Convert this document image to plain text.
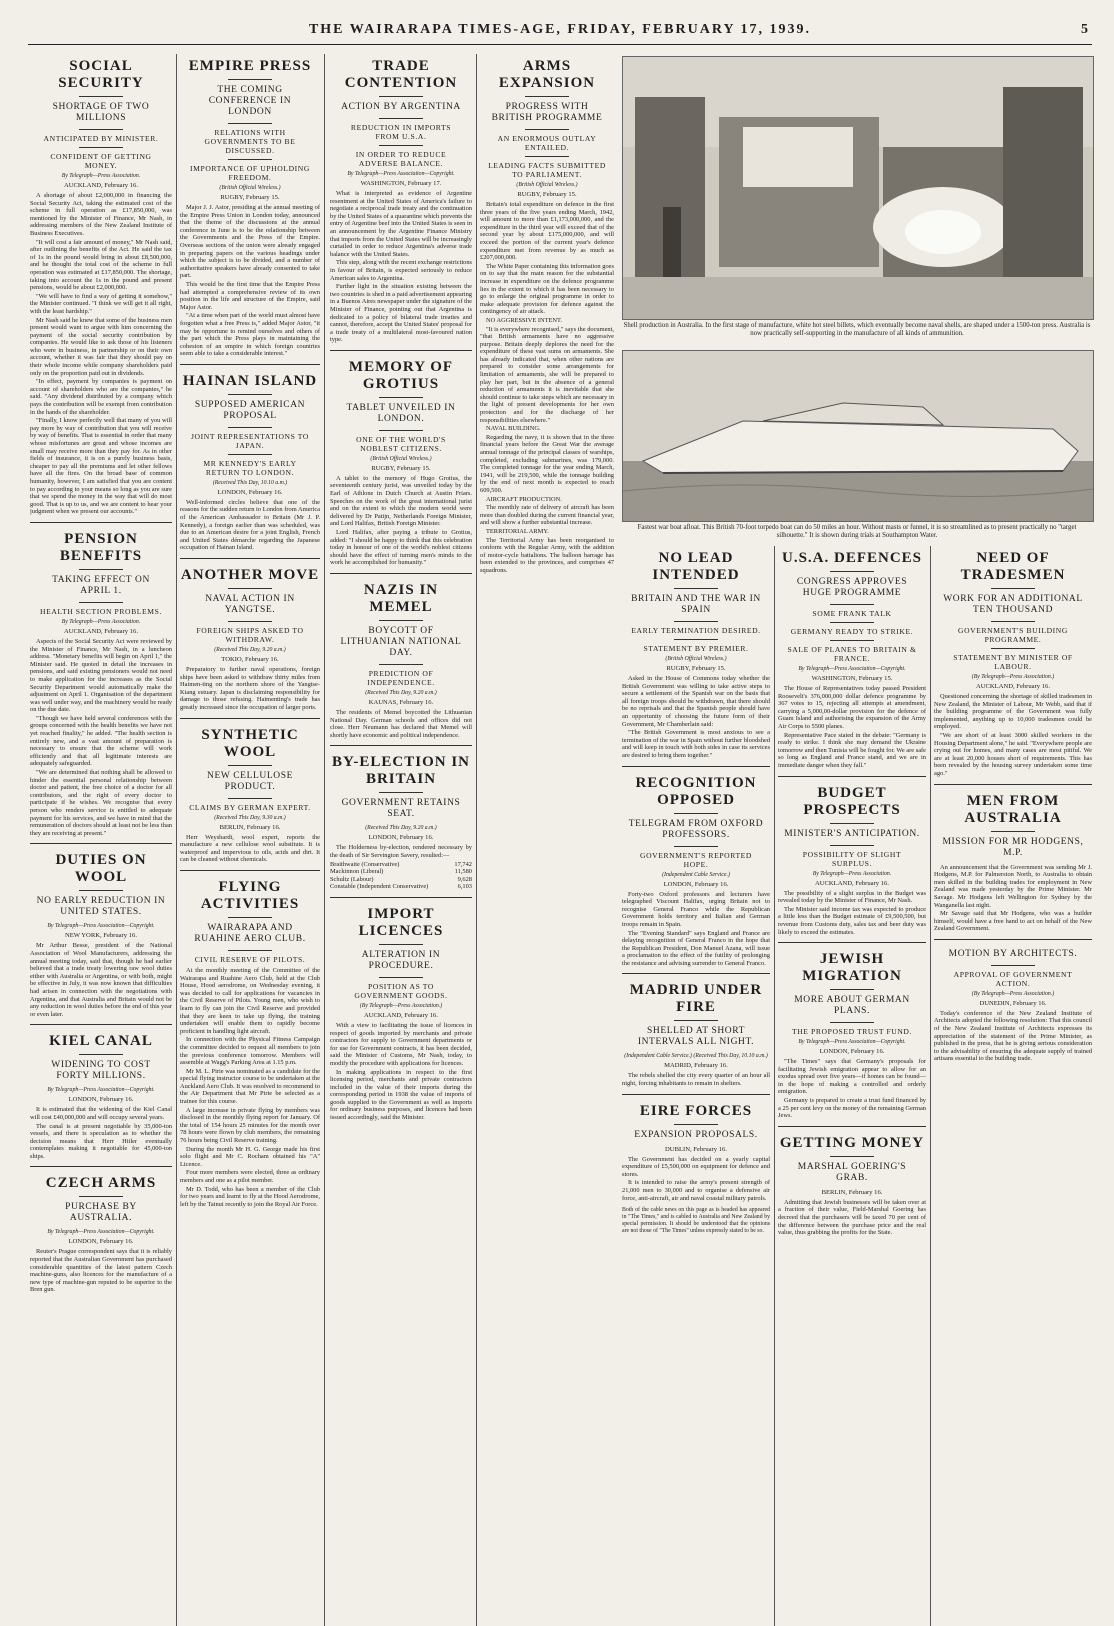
THE WAIRARAPA TIMES-AGE, FRIDAY, FEBRUARY 17, 1939.	5
SOCIAL SECURITY
SHORTAGE OF TWO MILLIONS
ANTICIPATED BY MINISTER.
CONFIDENT OF GETTING MONEY.
By Telegraph—Press Association.
AUCKLAND, February 16.

A shortage of about £2,000,000 in financing the Social Security Act, taking the estimated cost of the scheme in full operation as £17,850,000, was mentioned by the Minister of Finance, Mr Nash, in addressing members of the New Zealand Institute of Business Executives.

"It will cost a fair amount of money," Mr Nash said, after outlining the benefits of the Act. He said the tax of 1s in the pound would bring in about £8,500,000, and he thought the total cost of the scheme in full operation was estimated at £17,850,000. The shortage, taking into account the 1s in the pound and present pensions, would be about £2,000,000.

"We will have to find a way of getting it somehow," the Minister continued. "I think we will get it all right, with the least hardship."

Mr Nash said he knew that some of the business men present would want to argue with him concerning the payment of the social security contribution by companies. He would like to ask those of his listeners who were in business, in partnership or on their own account, whether it was fair that they should pay on their whole income while company shareholders paid only on the proportion paid out in dividends.

"In effect, payment by companies is payment on account of shareholders who are the companies," he said. "Any dividend distributed by a company which pays the contribution will be exempt from contribution in the hands of the shareholder.

"Finally, I know perfectly well that many of you will pay more by way of contribution that you will receive by way of benefits. That is essential in order that many whose misfortunes are great and whose incomes are small may receive more than they pay for. As in other fields of insurance, it is on a purely business basis, cheaper to pay all the premiums and let other fellows have all the fires. On the broad base of common humanity, however, I am satisfied that you are content to pay according to your means so long as you are sure that we spend the money in the way that will do most good. That is up to us, and we are content to hear your judgment when we present our accounts."

PENSION BENEFITS
TAKING EFFECT ON APRIL 1.
HEALTH SECTION PROBLEMS.
By Telegraph—Press Association.
AUCKLAND, February 16.

Aspects of the Social Security Act were reviewed by the Minister of Finance, Mr Nash, in a luncheon address. "Monetary benefits will begin on April 1," the Minister said. He quoted in detail the increases in pensions, and said existing pensioners would not need to make application for the increases as the Social Security Department would automatically make the adjustment on April 1. Organisation of the department was well under way, and the machinery would be ready on the due date.

"Though we have held several conferences with the groups concerned with the health benefits we have not yet reached finality," he added. "The health section is entirely new, and a vast amount of preparation is necessary to ensure that the scheme will work efficiently and that all legitimate interests are adequately safeguarded.

"We are determined that nothing shall be allowed to hinder the essential personal relationship between doctor and patient, the free choice of a doctor for all contributors, and the right of every doctor to participate if he wishes. We recognise that every person who renders service is entitled to adequate payment for his services, and we have in mind that the remuneration of doctors should at least not be less than they are receiving at present."

DUTIES ON WOOL
NO EARLY REDUCTION IN UNITED STATES.
By Telegraph—Press Association—Copyright.
NEW YORK, February 16.

Mr Arthur Besse, president of the National Association of Wool Manufacturers, addressing the annual meeting today, said that, though he had earlier believed that a trade treaty lowering raw wool duties either with Australia or Argentina, or with both, might be effective in July, it was now known that difficulties had arisen in connection with the negotiations with Argentina, and that Australia and Britain would not be any reduction in wool duties before the end of this year or even later.

KIEL CANAL
WIDENING TO COST FORTY MILLIONS.
By Telegraph—Press Association—Copyright.
LONDON, February 16.

It is estimated that the widening of the Kiel Canal will cost £40,000,000 and will occupy several years.

The canal is at present negotiable by 35,000-ton vessels, and there is speculation as to whether the decision means that Herr Hitler eventually contemplates making it negotiable for 45,000-ton ships.

CZECH ARMS
PURCHASE BY AUSTRALIA.
By Telegraph—Press Association—Copyright.
LONDON, February 16.

Reuter's Prague correspondent says that it is reliably reported that the Australian Government has purchased considerable quantities of the latest pattern Czech machine-guns, also licences for the manufacture of a new type of machine-gun reputed to be superior to the Bren gun.

EMPIRE PRESS
THE COMING CONFERENCE IN LONDON
RELATIONS WITH GOVERNMENTS TO BE DISCUSSED.
IMPORTANCE OF UPHOLDING FREEDOM.
(British Official Wireless.)
RUGBY, February 15.

Major J. J. Astor, presiding at the annual meeting of the Empire Press Union in London today, announced that the theme of the discussions at the annual conference in June is to be the relationship between the Governments and the Press of the Empire. Overseas sections of the union were already engaged in preparing papers on the various headings under which the subject is to be divided, and a number of authoritative speakers have already consented to take part.

This would be the first time that the Empire Press had attempted a comprehensive review of its own position in the life and structure of the Empire, said Major Astor.

"At a time when part of the world must almost have forgotten what a free Press is," added Major Astor, "it may be opportune to remind ourselves and others of the part which the Press plays in maintaining the cohesion of an empire in which foreign countries seem able to take a considerable interest."

HAINAN ISLAND
SUPPOSED AMERICAN PROPOSAL
JOINT REPRESENTATIONS TO JAPAN.
MR KENNEDY'S EARLY RETURN TO LONDON.
(Received This Day, 10.10 a.m.)
LONDON, February 16.

Well-informed circles believe that one of the reasons for the sudden return to London from America of the American Ambassador to Britain (Mr J. P. Kennedy), a foreign earlier than was scheduled, was due to an American desire for a joint English, French and United States démarche regarding the Japanese occupation of Hainan Island.

ANOTHER MOVE
NAVAL ACTION IN YANGTSE.
FOREIGN SHIPS ASKED TO WITHDRAW.
(Received This Day, 9.20 a.m.)
TOKIO, February 16.

Preparatory to further naval operations, foreign ships have been asked to withdraw thirty miles from Haimen-ting on the northern shore of the Yangtse-Kiang estuary. Japan is disclaiming responsibility for damage to those refusing. Haimenting's trade has greatly increased since the occupation of larger ports.

SYNTHETIC WOOL
NEW CELLULOSE PRODUCT.
CLAIMS BY GERMAN EXPERT.
(Received This Day, 9.30 a.m.)
BERLIN, February 16.

Herr Weyshardt, wool expert, reports the manufacture a new cellulose wool substitute. It is waterproof and impervious to oils, acids and dirt. It can be cleaned without chemicals.

FLYING ACTIVITIES
WAIRARAPA AND RUAHINE AERO CLUB.
CIVIL RESERVE OF PILOTS.

At the monthly meeting of the Committee of the Wairarapa and Ruahine Aero Club, held at the Club House, Hood aerodrome, on Wednesday evening, it was decided to call for applications for vacancies in the Civil Reserve of Pilots. Young men, who wish to learn to fly can join the Civil Reserve and provided that they are keen to take up flying, the training undertaken will enable them to rapidly become proficient in handling light aircraft.

In connection with the Physical Fitness Campaign the committee decided to request all members to join the previous conference tomorrow. Members will assemble at Wagg's Parking Area at 1.15 p.m.

Mr M. L. Pirie was nominated as a candidate for the special flying instructor course to be undertaken at the Auckland Aero Club. It was resolved to recommend to the Air Department that Mr Pirie be selected as a trainee for this course.

A large increase in private flying by members was disclosed in the monthly flying report for January. Of the total of 154 hours 25 minutes for the month over 78 hours were flown by club members, the remaining 76 hours being Civil Reserve training.

During the month Mr H. G. George made his first solo flight and Mr C. Rocham obtained his "A" Licence.

Four more members were elected, three as ordinary members and one as a pilot member.

Mr D. Todd, who has been a member of the Club for two years and learnt to fly at the Hood Aerodrome, left by the Tainui recently to join the Royal Air Force.

TRADE CONTENTION
ACTION BY ARGENTINA
REDUCTION IN IMPORTS FROM U.S.A.
IN ORDER TO REDUCE ADVERSE BALANCE.
By Telegraph—Press Association—Copyright.
WASHINGTON, February 17.

What is interpreted as evidence of Argentine resentment at the United States of America's failure to negotiate a reciprocal trade treaty and the continuation by the United States of a quarantine which prevents the entry of Argentine beef into the United States is seen in an announcement by the Argentine Finance Ministry that imports from the United States will be increasingly curtailed in order to reduce Argentina's adverse trade balance with the United States.

This step, along with the recent exchange restrictions in favour of Britain, is expected seriously to reduce American sales to Argentina.

Further light in the situation existing between the two countries is shed in a paid advertisement appearing in a Buenos Aires newspaper under the signature of the Minister of Finance, pointing out that Argentina is dedicated to a policy of bilateral trade treaties and cannot, therefore, accept the United States' proposal for a trade treaty of a multilateral most-favoured nation type.

MEMORY OF GROTIUS
TABLET UNVEILED IN LONDON.
ONE OF THE WORLD'S NOBLEST CITIZENS.
(British Official Wireless.)
RUGBY, February 15.

A tablet to the memory of Hugo Grotius, the seventeenth century jurist, was unveiled today by the Earl of Athlone in Dutch Church at Austin Friars. Speeches on the work of the great international jurist and on the extent to which the modern world were delivered by Dr Patijn, Netherlands Foreign Minister, and Lord Halifax, British Foreign Minister.

Lord Halifax, after paying a tribute to Grotius, added: "I should be happy to think that this celebration today in honour of one of the world's noblest citizens should have the effect of turning men's minds to the work he accomplished for humanity."

NAZIS IN MEMEL
BOYCOTT OF LITHUANIAN NATIONAL DAY.
PREDICTION OF INDEPENDENCE.
(Received This Day, 9.20 a.m.)
KAUNAS, February 16.

The residents of Memel boycotted the Lithuanian National Day. German schools and offices did not close. Herr Neumann has declared that Memel will shortly have economic and political independence.

BY-ELECTION IN BRITAIN
GOVERNMENT RETAINS SEAT.
(Received This Day, 9.20 a.m.)
LONDON, February 16.

The Holderness by-election, rendered necessary by the death of Sir Servington Savery, resulted:—

Braithwaite (Conservative)	17,742
Mackinnon (Liberal)	11,580
Schultz (Labour)	9,628
Constable (Independent Conservative)	6,103
IMPORT LICENCES
ALTERATION IN PROCEDURE.
POSITION AS TO GOVERNMENT GOODS.
(By Telegraph—Press Association.)
AUCKLAND, February 16.

With a view to facilitating the issue of licences in respect of goods imported by merchants and private contractors for supply to Government departments or for use for Government contracts, it has been decided, said the Minister of Customs, Mr Nash, today, to modify the procedure with applications for licences.

In making applications in respect to the first licensing period, merchants and private contractors included in the value of their imports during the corresponding period in 1938 the value of imports of goods supplied to the Government as well as imports for ordinary business purposes, and licences had been issued accordingly, said the Minister.

ARMS EXPANSION
PROGRESS WITH BRITISH PROGRAMME
AN ENORMOUS OUTLAY ENTAILED.
LEADING FACTS SUBMITTED TO PARLIAMENT.
(British Official Wireless.)
RUGBY, February 15.

Britain's total expenditure on defence in the first three years of the five years ending March, 1942, will amount to more than £1,173,000,000, and the expenditure in the third year will exceed that of the second year by about £175,000,000, and will exceed the portion of the current year's defence expenditure met from revenue by as much as £207,000,000.

The White Paper containing this information goes on to say that the main reason for the substantial increase in expenditure on the defence programme lies in the extent to which it has been necessary to go to enlarge the original programme in order to make adequate provision for defence against the contingency of air attack.

NO AGGRESSIVE INTENT.

"It is everywhere recognised," says the document, "that British armaments have no aggressive purpose. Britain deeply deplores the need for the expenditure of these vast sums on armaments. She has already indicated that, when other nations are prepared to consider some arrangements for limitation of armaments, she will be prepared to play her part, but in the absence of a general reduction of armaments it is inevitable that she should continue to take steps which are necessary in the light of present developments for her own protection and for the discharge of her responsibilities elsewhere."

NAVAL BUILDING.

Regarding the navy, it is shown that in the three financial years before the Great War the average annual tonnage of the principal classes of warships, completed, excluding submarines, was 179,000. The completed tonnage for the year ending March, 1941, will be 219,500, while the tonnage building by the end of next month is expected to reach 609,500.

AIRCRAFT PRODUCTION.

The monthly rate of delivery of aircraft has been more than doubled during the current financial year, and will show a further substantial increase.

TERRITORIAL ARMY.

The Territorial Army has been reorganised to conform with the Regular Army, with the addition of motor-cycle battalions. The balloon barrage has been extended to the provinces, and comprises 47 squadrons.

Shell production in Australia. In the first stage of manufacture, white hot steel billets, which eventually become naval shells, are shaped under a 1500-ton press. Australia is now practically self-supporting in the manufacture of all kinds of ammunition.
Fastest war boat afloat. This British 70-foot torpedo boat can do 50 miles an hour. Without masts or funnel, it is so streamlined as to present practically no "target silhouette." It is shown during trials at Southampton Water.
NO LEAD INTENDED
BRITAIN AND THE WAR IN SPAIN
EARLY TERMINATION DESIRED.
STATEMENT BY PREMIER.
(British Official Wireless.)
RUGBY, February 15.

Asked in the House of Commons today whether the British Government was willing to take active steps to secure a settlement of the Spanish war on the basis that all foreign troops should be withdrawn, that there should be no reprisals and that the Spanish people should have an opportunity of choosing the future form of their Government, Mr Chamberlain said:

"The British Government is most anxious to see a termination of the war in Spain without further bloodshed and will keep in touch with both sides in case its services are desired to bring them together."

RECOGNITION OPPOSED
TELEGRAM FROM OXFORD PROFESSORS.
GOVERNMENT'S REPORTED HOPE.
(Independent Cable Service.)
LONDON, February 16.

Forty-two Oxford professors and lecturers have telegraphed Viscount Halifax, urging Britain not to recognise General Franco while the Republican Government holds territory and Italian and German troops remain in Spain.

The "Evening Standard" says England and France are delaying recognition of General Franco in the hope that the Republican President, Don Manuel Azana, will issue a proclamation to the effect of the futility of prolonging the resistance and advising surrender to General Franco.

MADRID UNDER FIRE
SHELLED AT SHORT INTERVALS ALL NIGHT.
(Independent Cable Service.) (Received This Day, 10.10 a.m.)
MADRID, February 16.

The rebels shelled the city every quarter of an hour all night, forcing inhabitants to remain in shelters.

EIRE FORCES
EXPANSION PROPOSALS.
DUBLIN, February 16.

The Government has decided on a yearly capital expenditure of £5,500,000 on equipment for defence and stores.

It is intended to raise the army's present strength of 21,000 men to 30,000 and to organise a defensive air force, anti-aircraft, air and naval coastal military patrols.

Both of the cable news on this page as is headed has appeared in "The Times," and is cabled to Australia and New Zealand by special permission. It should be understood that the opinions are not those of "The Times" unless expressly stated to be so.
U.S.A. DEFENCES
CONGRESS APPROVES HUGE PROGRAMME
SOME FRANK TALK
GERMANY READY TO STRIKE.
SALE OF PLANES TO BRITAIN & FRANCE.
By Telegraph—Press Association—Copyright.
WASHINGTON, February 15.

The House of Representatives today passed President Roosevelt's 376,000,000 dollar defence programme by 367 votes to 15, rejecting all attempts at amendment, carrying a 5,000,00-dollar provision for the defence of Guam Island and authorising the expansion of the Army Air Corps to 5500 planes.

Representative Pace stated in the debate: "Germany is ready to strike. I think she may demand the Ukraine tomorrow and then Tunisia will be fought for. We are safe so long as England and France stand, and we are in immediate danger when they fall."

BUDGET PROSPECTS
MINISTER'S ANTICIPATION.
POSSIBILITY OF SLIGHT SURPLUS.
By Telegraph—Press Association.
AUCKLAND, February 16.

The possibility of a slight surplus in the Budget was revealed today by the Minister of Finance, Mr Nash.

The Minister said income tax was expected to produce a little less than the Budget estimate of £9,500,500, but revenue from Customs duty, sales tax and beer duty was likely to exceed the estimates.

JEWISH MIGRATION
MORE ABOUT GERMAN PLANS.
THE PROPOSED TRUST FUND.
By Telegraph—Press Association—Copyright.
LONDON, February 16.

"The Times" says that Germany's proposals for facilitating Jewish emigration appear to allow for an exodus spread over five years—if homes can be found—in the hope of making a controlled and orderly emigration.

Germany is prepared to create a trust fund financed by a 25 per cent levy on the money of the remaining German Jews.

GETTING MONEY
MARSHAL GOERING'S GRAB.
BERLIN, February 16.

Admitting that Jewish businesses will be taken over at a fraction of their value, Field-Marshal Goering has decreed that the purchasers will be taxed 70 per cent of the difference between the purchase price and the real value, thus grabbing the profits for the State.

NEED OF TRADESMEN
WORK FOR AN ADDITIONAL TEN THOUSAND
GOVERNMENT'S BUILDING PROGRAMME.
STATEMENT BY MINISTER OF LABOUR.
(By Telegraph—Press Association.)
AUCKLAND, February 16.

Questioned concerning the shortage of skilled tradesmen in New Zealand, the Minister of Labour, Mr Webb, said that if the building programme of the Government was fully implemented, anything up to 10,000 tradesmen could be employed.

"We are short of at least 3000 skilled workers in the Housing Department alone," he said. "Everywhere people are crying out for homes, and many cases are most pitiful. We are at least 20,000 houses short of requirements. This has been revealed by the housing survey undertaken some time ago."

MEN FROM AUSTRALIA
MISSION FOR MR HODGENS, M.P.

An announcement that the Government was sending Mr J. Hodgens, M.P. for Palmerston North, to Australia to obtain men skilled in the building trades for employment in New Zealand was made yesterday by the Prime Minister. Mr Savage. Mr Hodgens left Wellington for Sydney by the Wanganella last night.

Mr Savage said that Mr Hodgens, who was a builder himself, would have a free hand to act on behalf of the New Zealand Government.

MOTION BY ARCHITECTS.
APPROVAL OF GOVERNMENT ACTION.
(By Telegraph—Press Association.)
DUNEDIN, February 16.

Today's conference of the New Zealand Institute of Architects adopted the following resolution: That this council of the New Zealand Institute of Architects expresses its appreciation of the statement of the Prime Minister, as published in the press, that he is giving serious consideration to the advisability of ensuring the adequate supply of trained artisans essential to the building trade.
